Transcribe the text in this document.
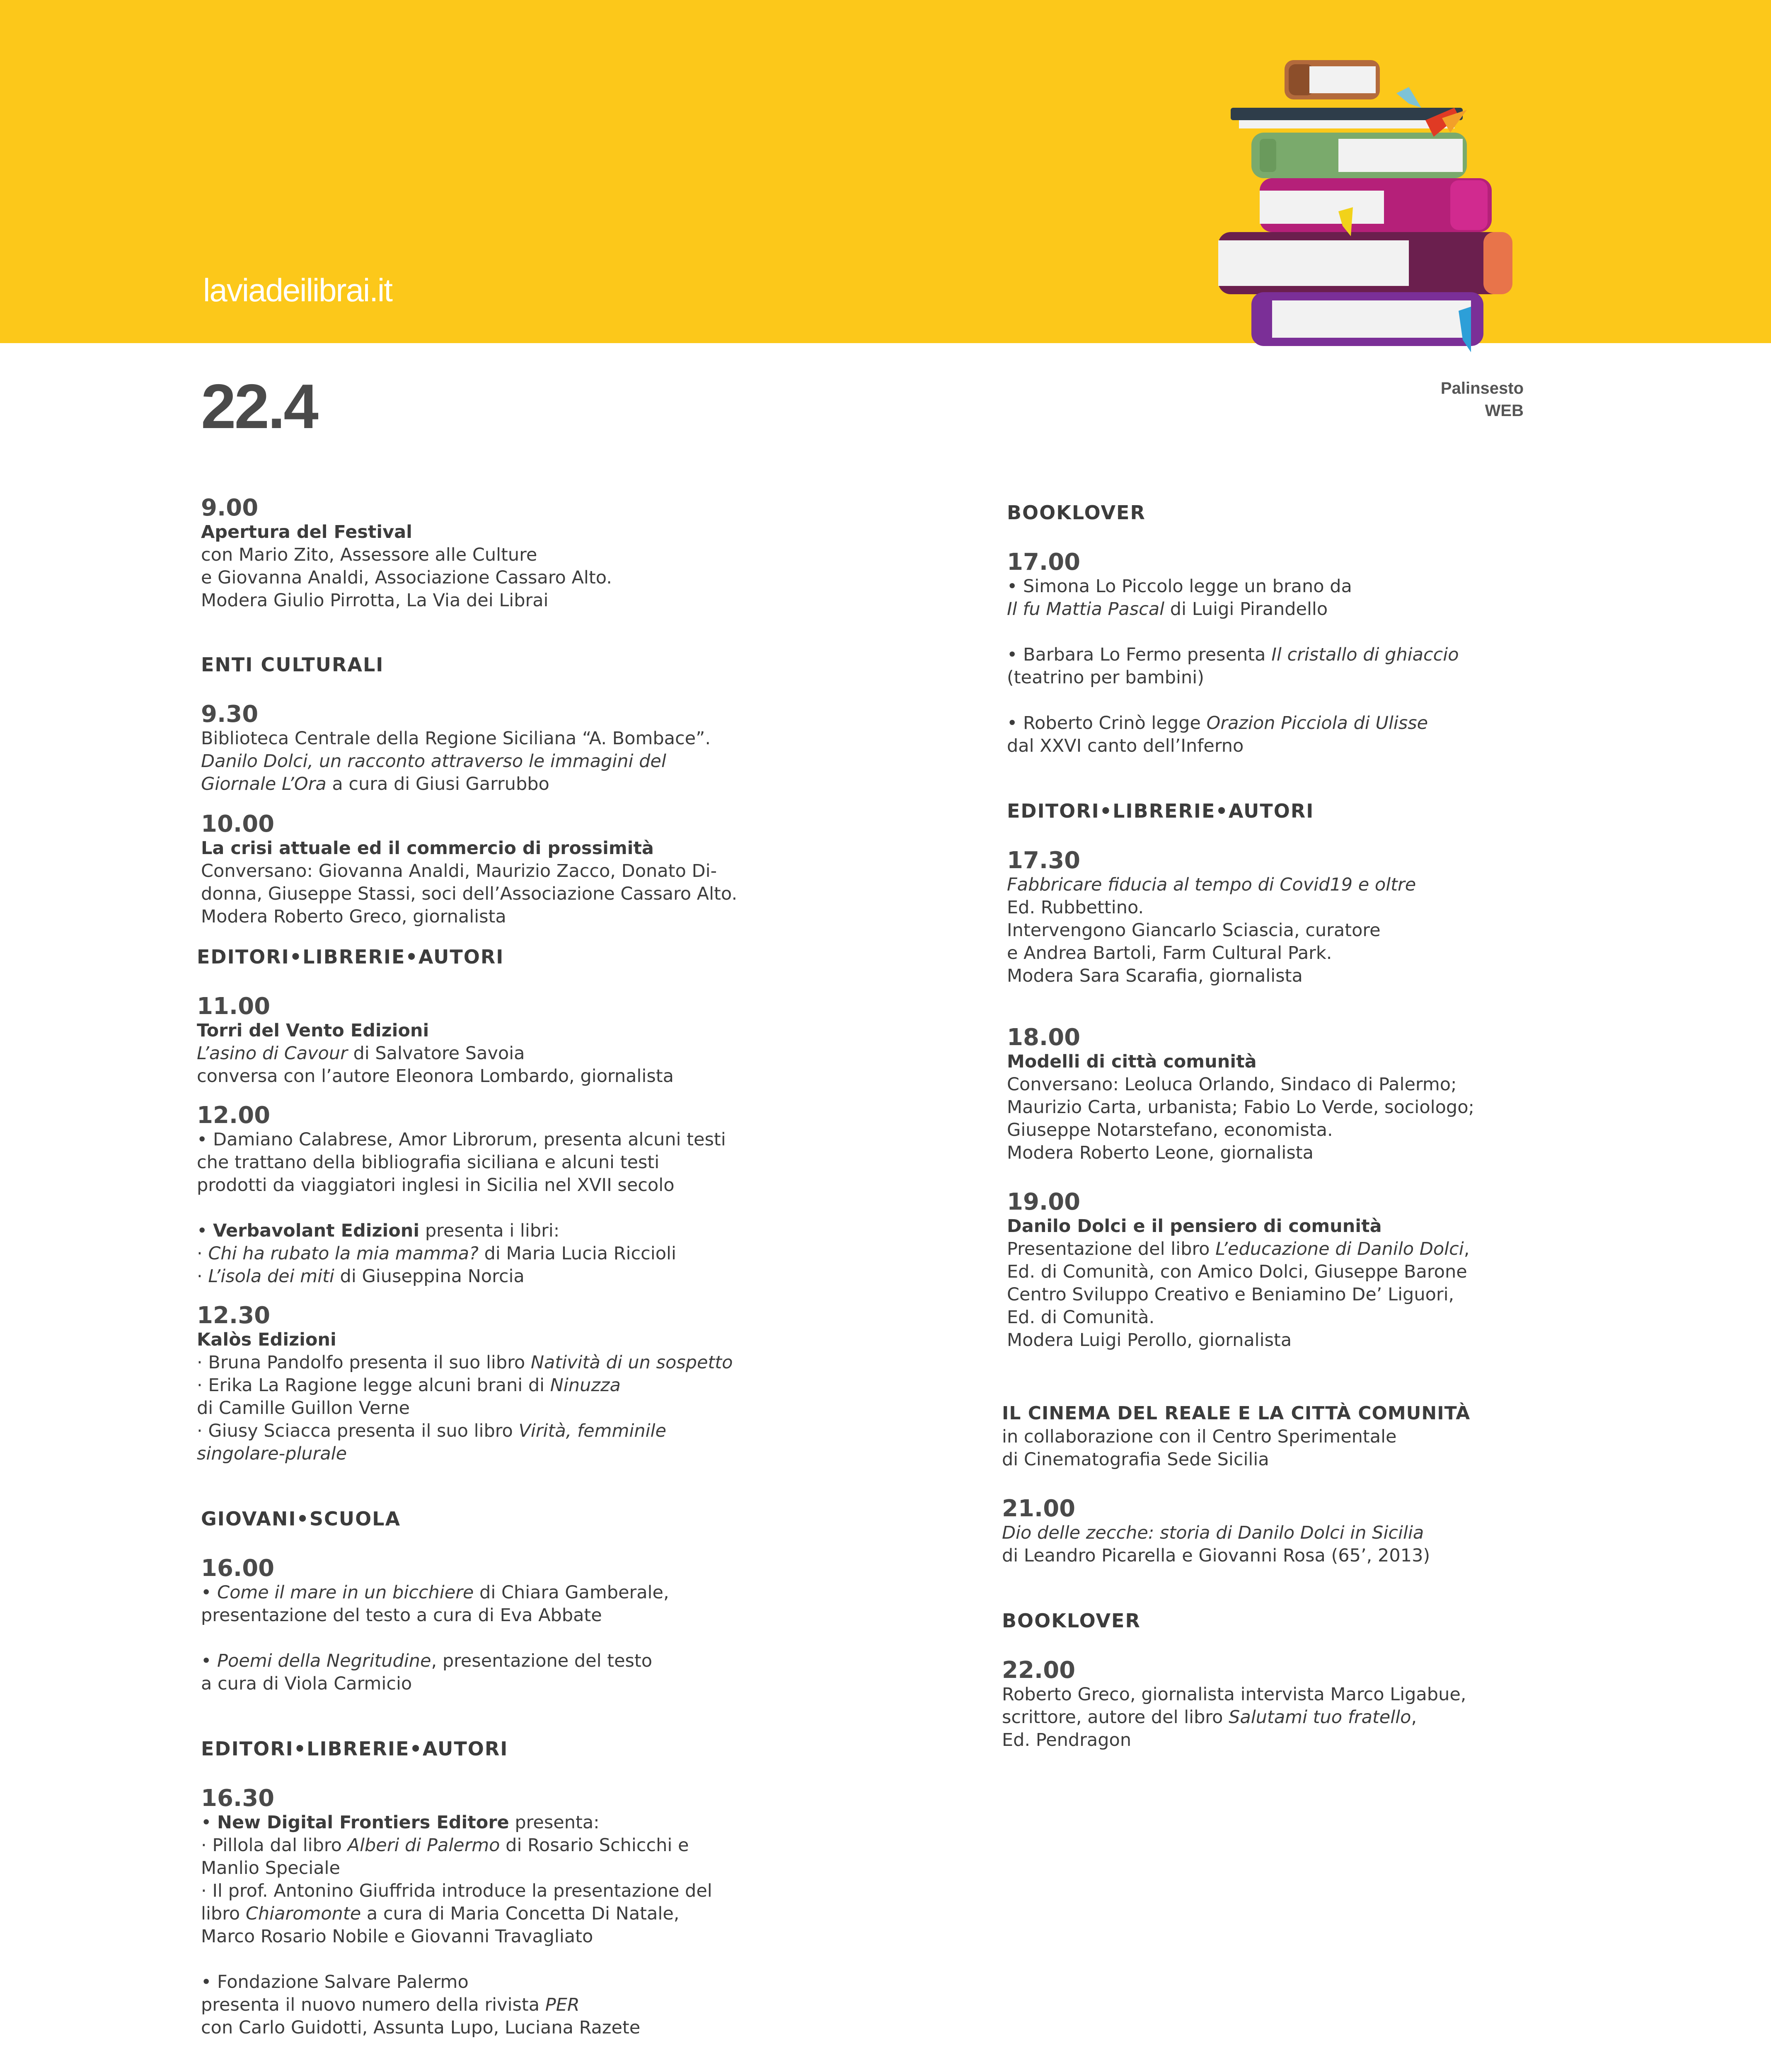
laviadeilibrai.it
22.4	Palinsesto
WEB
9.00
Apertura del Festival
con Mario Zito, Assessore alle Culture
e Giovanna Analdi, Associazione Cassaro Alto.
Modera Giulio Pirrotta, La Via dei Librai
ENTI CULTURALI
9.30
Biblioteca Centrale della Regione Siciliana “A. Bombace”.
Danilo Dolci, un racconto attraverso le immagini del
Giornale L’Ora a cura di Giusi Garrubbo
10.00
La crisi attuale ed il commercio di prossimità
Conversano: Giovanna Analdi, Maurizio Zacco, Donato Di-
donna, Giuseppe Stassi, soci dell’Associazione Cassaro Alto.
Modera Roberto Greco, giornalista
EDITORI•LIBRERIE•AUTORI
11.00
Torri del Vento Edizioni
L’asino di Cavour di Salvatore Savoia
conversa con l’autore Eleonora Lombardo, giornalista
12.00
• Damiano Calabrese, Amor Librorum, presenta alcuni testi
che trattano della bibliografia siciliana e alcuni testi
prodotti da viaggiatori inglesi in Sicilia nel XVII secolo
• Verbavolant Edizioni presenta i libri:
· Chi ha rubato la mia mamma? di Maria Lucia Riccioli
· L’isola dei miti di Giuseppina Norcia
12.30
Kalòs Edizioni
· Bruna Pandolfo presenta il suo libro Natività di un sospetto
· Erika La Ragione legge alcuni brani di Ninuzza
di Camille Guillon Verne
· Giusy Sciacca presenta il suo libro Virità, femminile
singolare-plurale
GIOVANI•SCUOLA
16.00
• Come il mare in un bicchiere di Chiara Gamberale,
presentazione del testo a cura di Eva Abbate
• Poemi della Negritudine, presentazione del testo
a cura di Viola Carmicio
EDITORI•LIBRERIE•AUTORI
16.30
• New Digital Frontiers Editore presenta:
· Pillola dal libro Alberi di Palermo di Rosario Schicchi e
Manlio Speciale
· Il prof. Antonino Giuffrida introduce la presentazione del
libro Chiaromonte a cura di Maria Concetta Di Natale,
Marco Rosario Nobile e Giovanni Travagliato
• Fondazione Salvare Palermo
presenta il nuovo numero della rivista PER
con Carlo Guidotti, Assunta Lupo, Luciana Razete
BOOKLOVER
17.00
• Simona Lo Piccolo legge un brano da
Il fu Mattia Pascal di Luigi Pirandello
• Barbara Lo Fermo presenta Il cristallo di ghiaccio
(teatrino per bambini)
• Roberto Crinò legge Orazion Picciola di Ulisse
dal XXVI canto dell’Inferno
EDITORI•LIBRERIE•AUTORI
17.30
Fabbricare fiducia al tempo di Covid19 e oltre
Ed. Rubbettino.
Intervengono Giancarlo Sciascia, curatore
e Andrea Bartoli, Farm Cultural Park.
Modera Sara Scarafia, giornalista
18.00
Modelli di città comunità
Conversano: Leoluca Orlando, Sindaco di Palermo;
Maurizio Carta, urbanista; Fabio Lo Verde, sociologo;
Giuseppe Notarstefano, economista.
Modera Roberto Leone, giornalista
19.00
Danilo Dolci e il pensiero di comunità
Presentazione del libro L’educazione di Danilo Dolci,
Ed. di Comunità, con Amico Dolci, Giuseppe Barone
Centro Sviluppo Creativo e Beniamino De’ Liguori,
Ed. di Comunità.
Modera Luigi Perollo, giornalista
IL CINEMA DEL REALE E LA CITTÀ COMUNITÀ
in collaborazione con il Centro Sperimentale
di Cinematografia Sede Sicilia
21.00
Dio delle zecche: storia di Danilo Dolci in Sicilia
di Leandro Picarella e Giovanni Rosa (65’, 2013)
BOOKLOVER
22.00
Roberto Greco, giornalista intervista Marco Ligabue,
scrittore, autore del libro Salutami tuo fratello,
Ed. Pendragon
